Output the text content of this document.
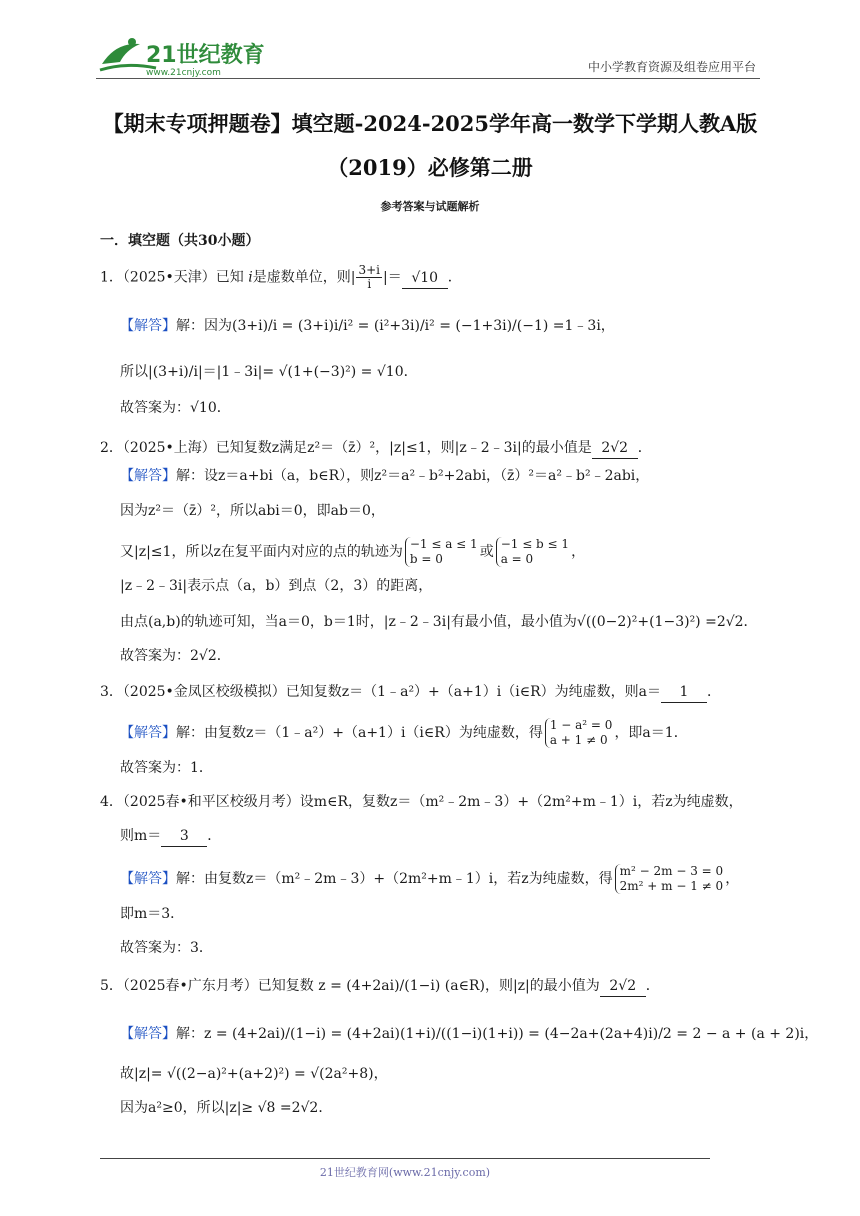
21世纪教育
www.21cnjy.com	中小学教育资源及组卷应用平台
【期末专项押题卷】填空题-2024-2025学年高一数学下学期人教A版
（2019）必修第二册
参考答案与试题解析
一．填空题（共30小题）
1．（2025•天津）已知 i是虚数单位，则| $\frac{3+i}{i}$ |＝ √10 ．
【解答】解：因为(3+i)/i = (3+i)i/i² = (i²+3i)/i² = (−1+3i)/(−1) =1﹣3i，
所以|(3+i)/i|＝|1﹣3i|= √(1+(−3)²) = √10．
故答案为：√10．
2．（2025•上海）已知复数z满足z²＝（z̄）²，|z|≤1，则|z﹣2﹣3i|的最小值是 2√2 ．
【解答】解：设z＝a+bi（a，b∈R），则z²＝a²﹣b²+2abi，（z̄）²＝a²﹣b²﹣2abi，
因为z²＝（z̄）²，所以abi＝0，即ab＝0，
又|z|≤1，所以z在复平面内对应的点的轨迹为 −1 ≤ a ≤ 1
b = 0	或 −1 ≤ b ≤ 1
a = 0	，
|z﹣2﹣3i|表示点（a，b）到点（2，3）的距离，
由点(a,b)的轨迹可知，当a＝0，b＝1时，|z﹣2﹣3i|有最小值，最小值为√((0−2)²+(1−3)²) =2√2．
故答案为：2√2．
3．（2025•金凤区校级模拟）已知复数z＝（1﹣a²）+（a+1）i（i∈R）为纯虚数，则a＝ 1 ．
【解答】解：由复数z＝（1﹣a²）+（a+1）i（i∈R）为纯虚数，得 1 − a² = 0
a + 1 ≠ 0 ，即a＝1．
故答案为：1．
4．（2025春•和平区校级月考）设m∈R，复数z＝（m²﹣2m﹣3）+（2m²+m﹣1）i，若z为纯虚数，
则m＝ 3 ．
【解答】解：由复数z＝（m²﹣2m﹣3）+（2m²+m﹣1）i，若z为纯虚数，得 m² − 2m − 3 = 0
2m² + m − 1 ≠ 0 ，
即m＝3．
故答案为：3．
5．（2025春•广东月考）已知复数 z = (4+2ai)/(1−i) (a∈R)，则|z|的最小值为 2√2 ．
【解答】解：z = (4+2ai)/(1−i) = (4+2ai)(1+i)/((1−i)(1+i)) = (4−2a+(2a+4)i)/2 = 2 − a + (a + 2)i，
故|z|= √((2−a)²+(a+2)²) = √(2a²+8)，
因为a²≥0，所以|z|≥ √8 =2√2．
21世纪教育网(www.21cnjy.com)
